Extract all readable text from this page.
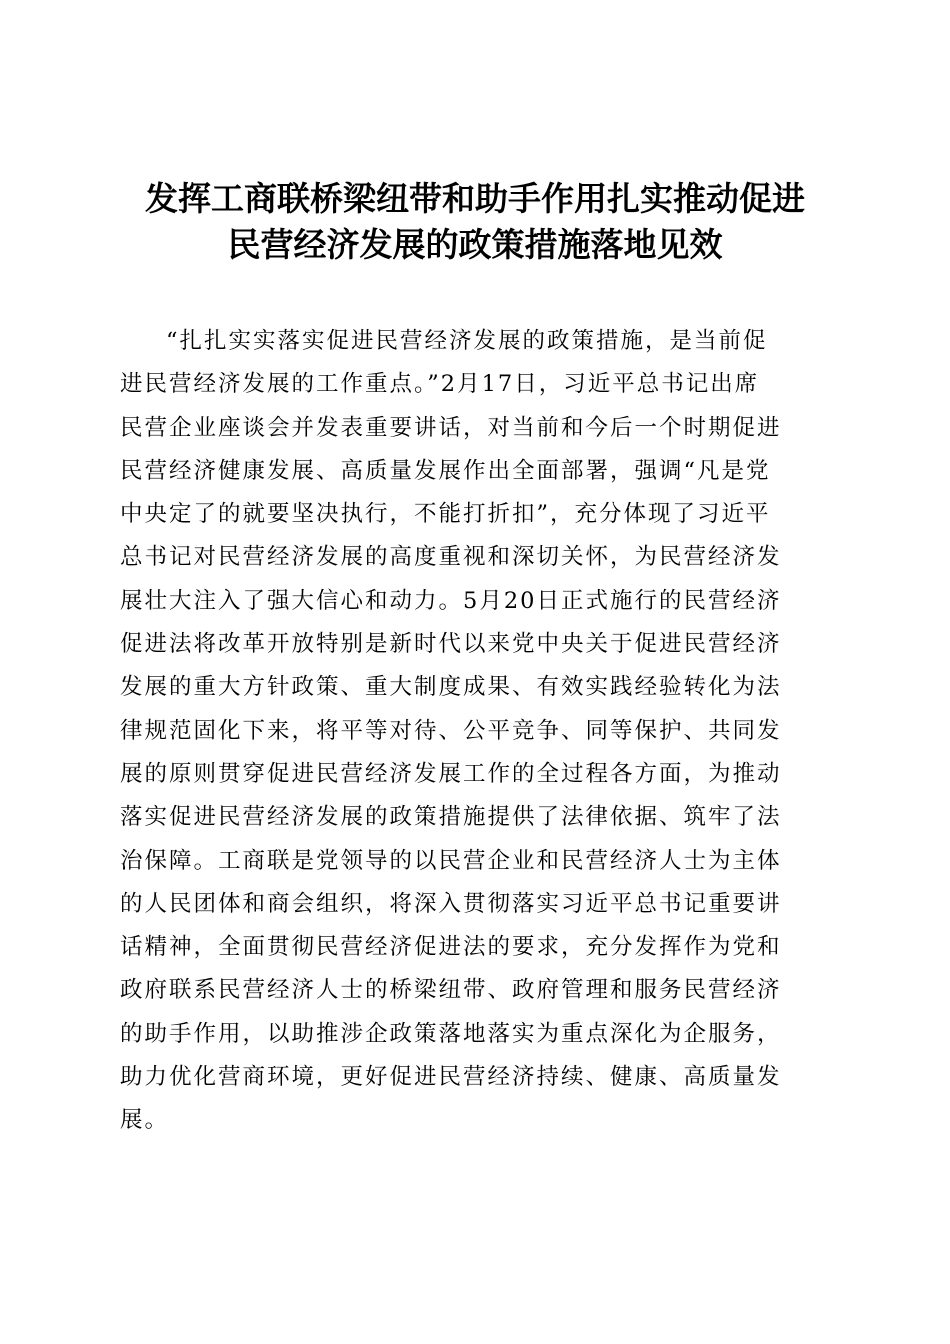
发挥工商联桥梁纽带和助手作用扎实推动促进
民营经济发展的政策措施落地见效
“扎扎实实落实促进民营经济发展的政策措施，是当前促
进民营经济发展的工作重点。”2月17日，习近平总书记出席
民营企业座谈会并发表重要讲话，对当前和今后一个时期促进
民营经济健康发展、高质量发展作出全面部署，强调“凡是党
中央定了的就要坚决执行，不能打折扣”，充分体现了习近平
总书记对民营经济发展的高度重视和深切关怀，为民营经济发
展壮大注入了强大信心和动力。5月20日正式施行的民营经济
促进法将改革开放特别是新时代以来党中央关于促进民营经济
发展的重大方针政策、重大制度成果、有效实践经验转化为法
律规范固化下来，将平等对待、公平竞争、同等保护、共同发
展的原则贯穿促进民营经济发展工作的全过程各方面，为推动
落实促进民营经济发展的政策措施提供了法律依据、筑牢了法
治保障。工商联是党领导的以民营企业和民营经济人士为主体
的人民团体和商会组织，将深入贯彻落实习近平总书记重要讲
话精神，全面贯彻民营经济促进法的要求，充分发挥作为党和
政府联系民营经济人士的桥梁纽带、政府管理和服务民营经济
的助手作用，以助推涉企政策落地落实为重点深化为企服务，
助力优化营商环境，更好促进民营经济持续、健康、高质量发
展。
